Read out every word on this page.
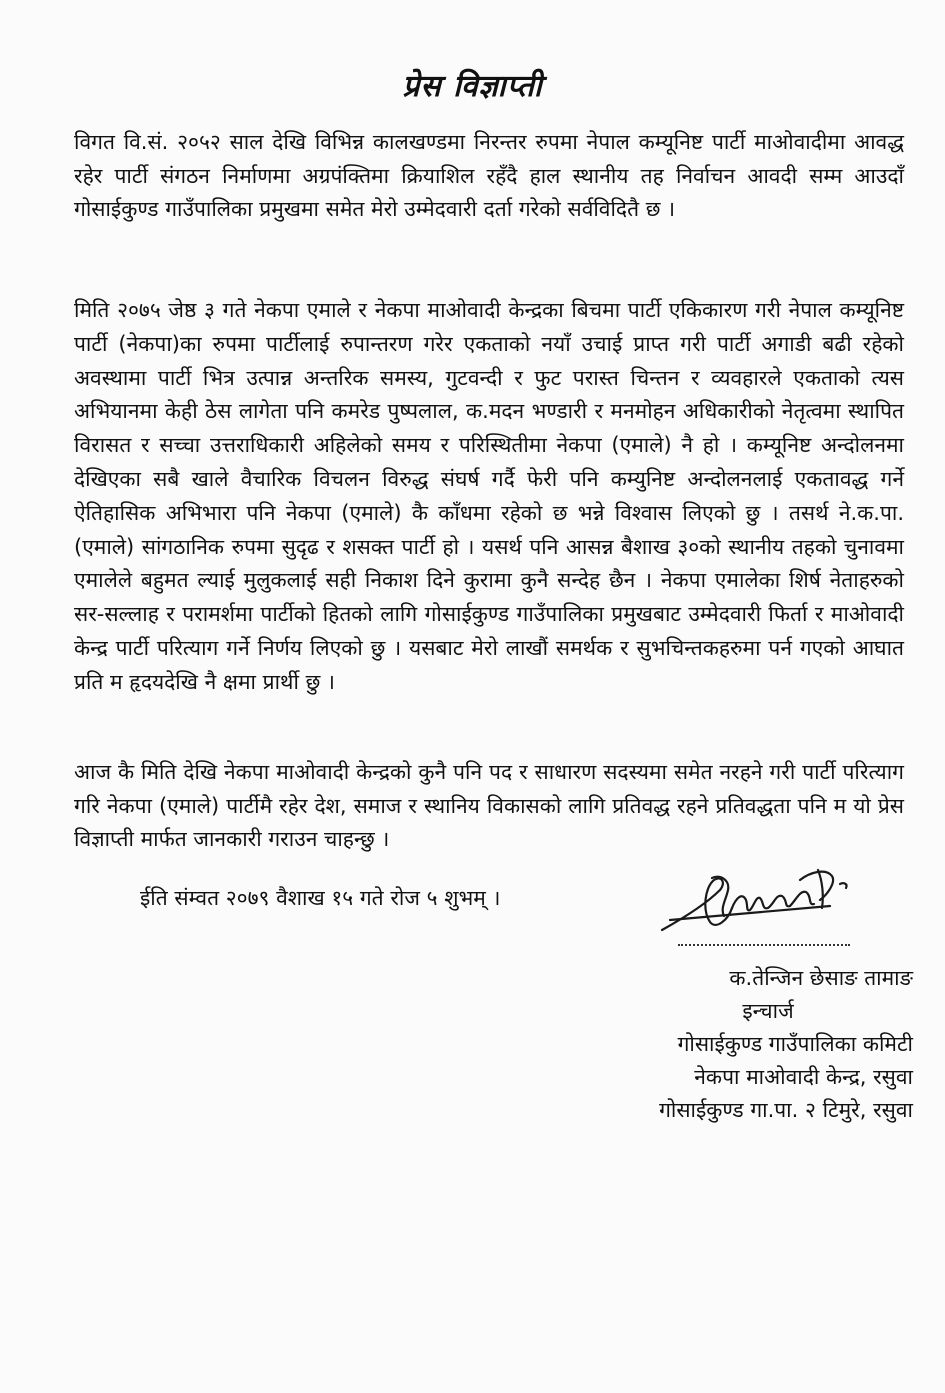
प्रेस विज्ञाप्ती

विगत वि.सं. २०५२ साल देखि विभिन्न कालखण्डमा निरन्तर रुपमा नेपाल कम्यूनिष्ट पार्टी माओवादीमा आवद्ध रहेर पार्टी संगठन निर्माणमा अग्रपंक्तिमा क्रियाशिल रहँदै हाल स्थानीय तह निर्वाचन आवदी सम्म आउदाँ गोसाईकुण्ड गाउँपालिका प्रमुखमा समेत मेरो उम्मेदवारी दर्ता गरेको सर्वविदितै छ ।

मिति २०७५ जेष्ठ ३ गते नेकपा एमाले र नेकपा माओवादी केन्द्रका बिचमा पार्टी एकिकारण गरी नेपाल कम्यूनिष्ट पार्टी (नेकपा)का रुपमा पार्टीलाई रुपान्तरण गरेर एकताको नयाँ उचाई प्राप्त गरी पार्टी अगाडी बढी रहेको अवस्थामा पार्टी भित्र उत्पान्न अन्तरिक समस्य, गुटवन्दी र फुट परास्त चिन्तन र व्यवहारले एकताको त्यस अभियानमा केही ठेस लागेता पनि कमरेड पुष्पलाल, क.मदन भण्डारी र मनमोहन अधिकारीको नेतृत्वमा स्थापित विरासत र सच्चा उत्तराधिकारी अहिलेको समय र परिस्थितीमा नेकपा (एमाले) नै हो । कम्यूनिष्ट अन्दोलनमा देखिएका सबै खाले वैचारिक विचलन विरुद्ध संघर्ष गर्दै फेरी पनि कम्युनिष्ट अन्दोलनलाई एकतावद्ध गर्ने ऐतिहासिक अभिभारा पनि नेकपा (एमाले) कै काँधमा रहेको छ भन्ने विश्वास लिएको छु । तसर्थ ने.क.पा.(एमाले) सांगठानिक रुपमा सुदृढ र शसक्त पार्टी हो । यसर्थ पनि आसन्न बैशाख ३०को स्थानीय तहको चुनावमा एमालेले बहुमत ल्याई मुलुकलाई सही निकाश दिने कुरामा कुनै सन्देह छैन । नेकपा एमालेका शिर्ष नेताहरुको सर-सल्लाह र परामर्शमा पार्टीको हितको लागि गोसाईकुण्ड गाउँपालिका प्रमुखबाट उम्मेदवारी फिर्ता र माओवादी केन्द्र पार्टी परित्याग गर्ने निर्णय लिएको छु । यसबाट मेरो लाखौं समर्थक र सुभचिन्तकहरुमा पर्न गएको आघात प्रति म हृदयदेखि नै क्षमा प्रार्थी छु ।

आज कै मिति देखि नेकपा माओवादी केन्द्रको कुनै पनि पद र साधारण सदस्यमा समेत नरहने गरी पार्टी परित्याग गरि नेकपा (एमाले) पार्टीमै रहेर देश, समाज र स्थानिय विकासको लागि प्रतिवद्ध रहने प्रतिवद्धता पनि म यो प्रेस विज्ञाप्ती मार्फत जानकारी गराउन चाहन्छु ।

ईति संम्वत २०७९ वैशाख १५ गते रोज ५ शुभम् ।
क.तेन्जिन छेसाङ तामाङ
इन्चार्ज
गोसाईकुण्ड गाउँपालिका कमिटी
नेकपा माओवादी केन्द्र, रसुवा
गोसाईकुण्ड गा.पा. २ टिमुरे, रसुवा
